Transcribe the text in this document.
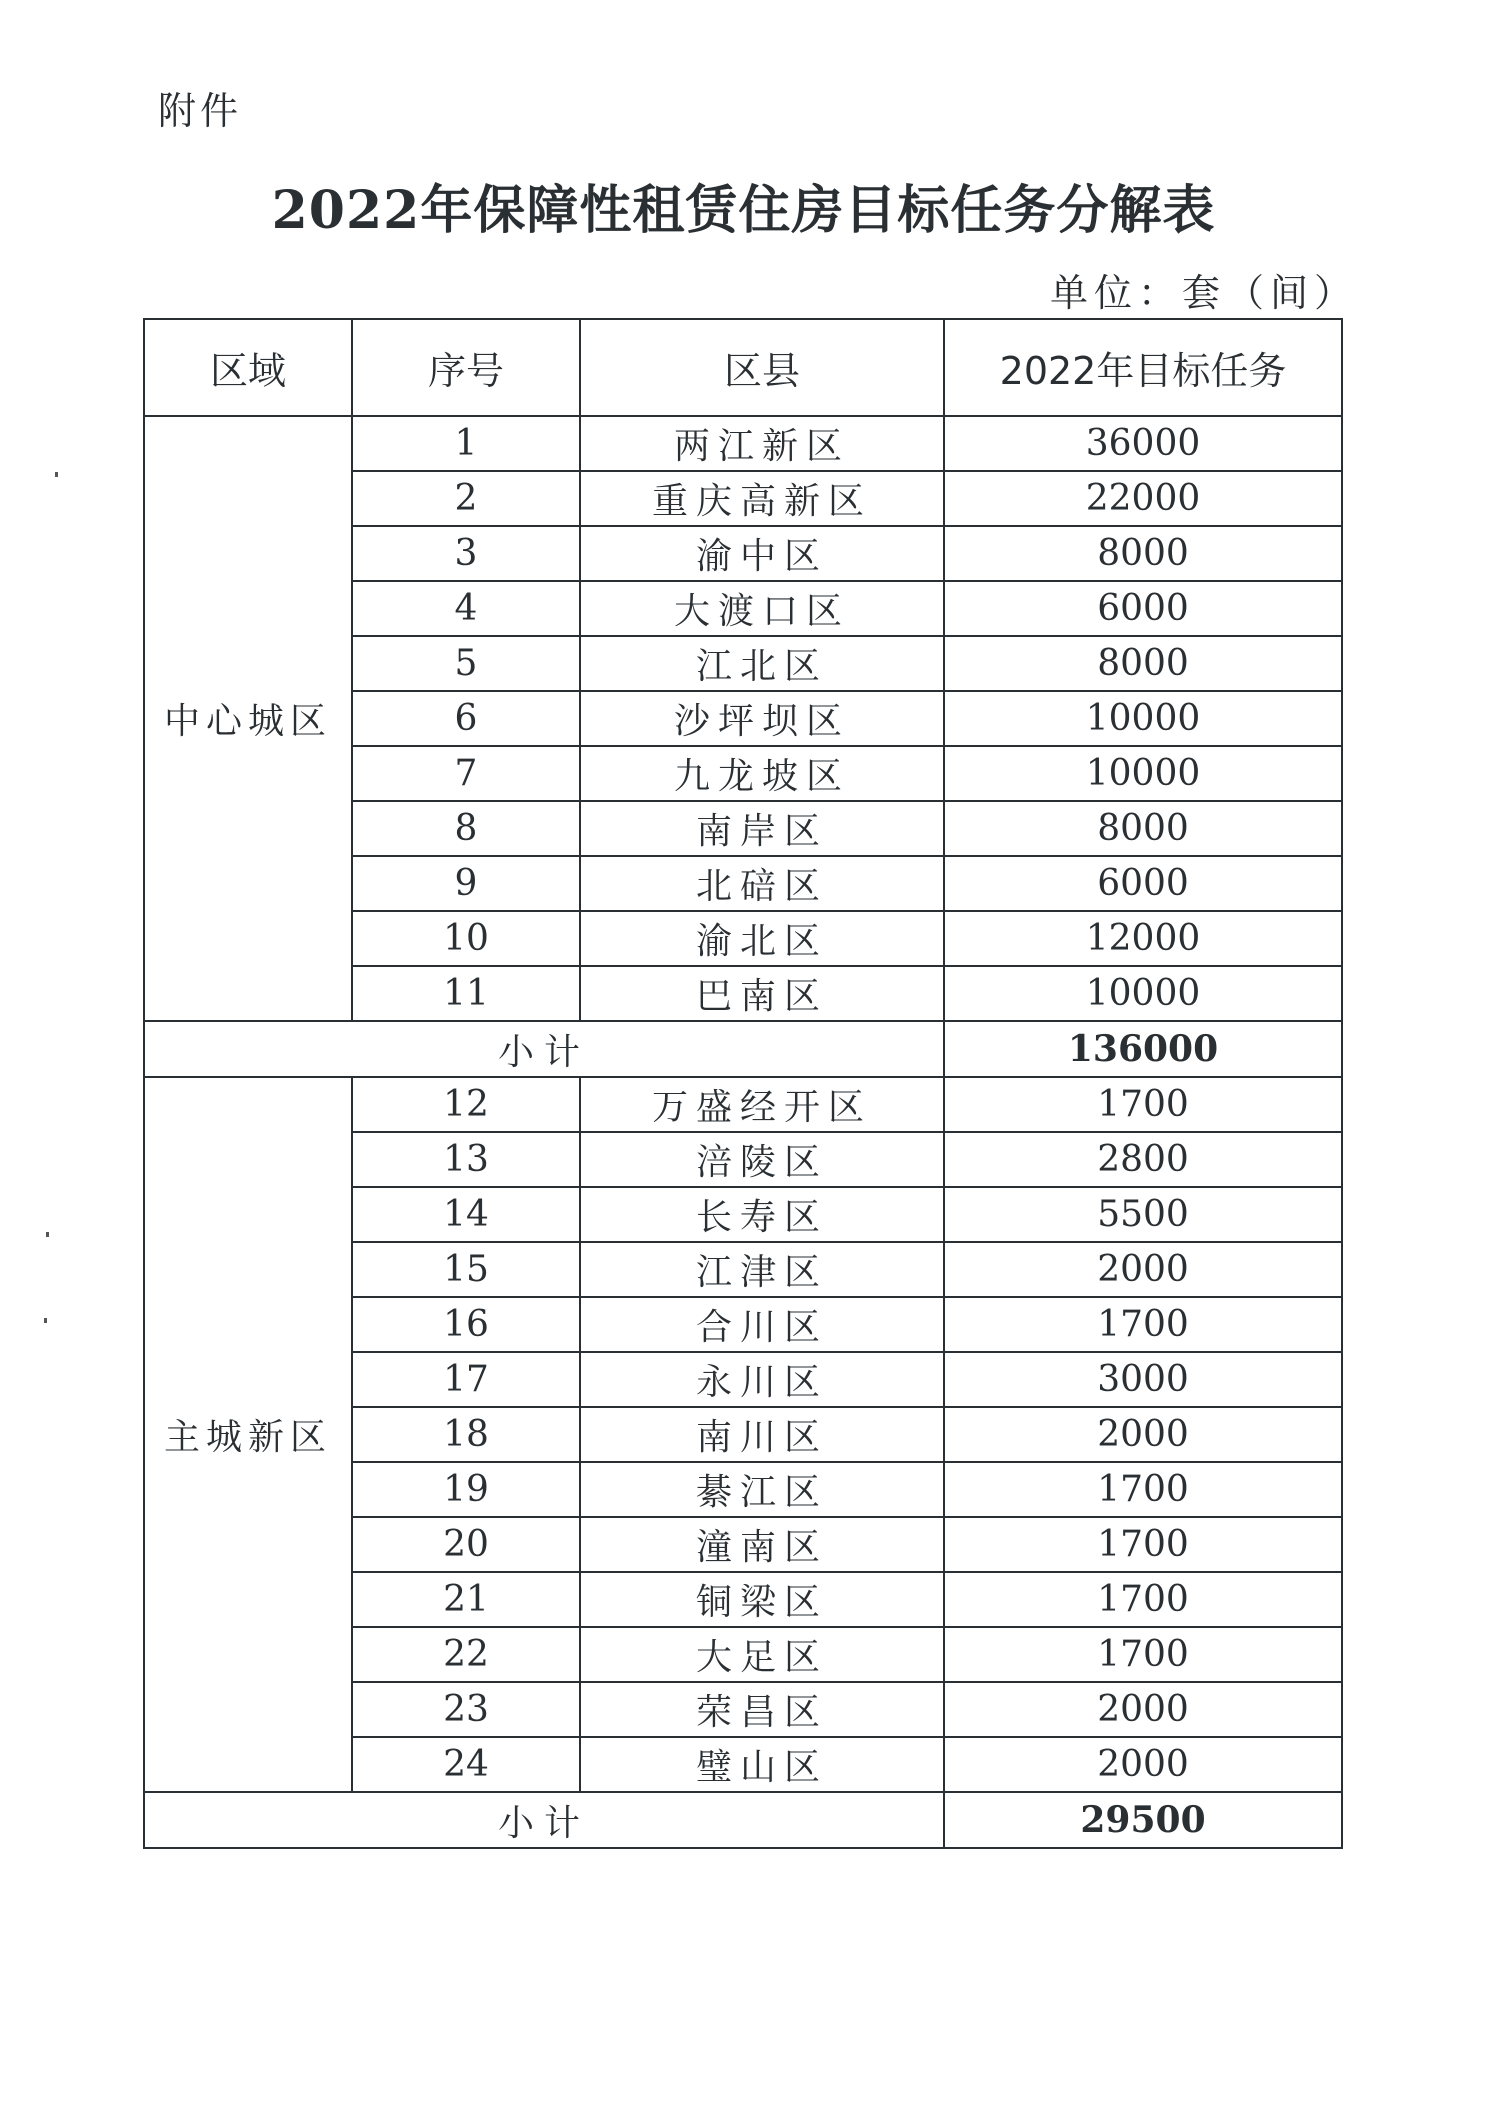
附件
2022年保障性租赁住房目标任务分解表
单位：套（间）
区域	序号	区县	2022年目标任务
中心城区	1	两江新区	36000
	2	重庆高新区	22000
	3	渝中区	8000
	4	大渡口区	6000
	5	江北区	8000
	6	沙坪坝区	10000
	7	九龙坡区	10000
	8	南岸区	8000
	9	北碚区	6000
	10	渝北区	12000
	11	巴南区	10000
小计			136000
主城新区	12	万盛经开区	1700
	13	涪陵区	2800
	14	长寿区	5500
	15	江津区	2000
	16	合川区	1700
	17	永川区	3000
	18	南川区	2000
	19	綦江区	1700
	20	潼南区	1700
	21	铜梁区	1700
	22	大足区	1700
	23	荣昌区	2000
	24	璧山区	2000
小计			29500
